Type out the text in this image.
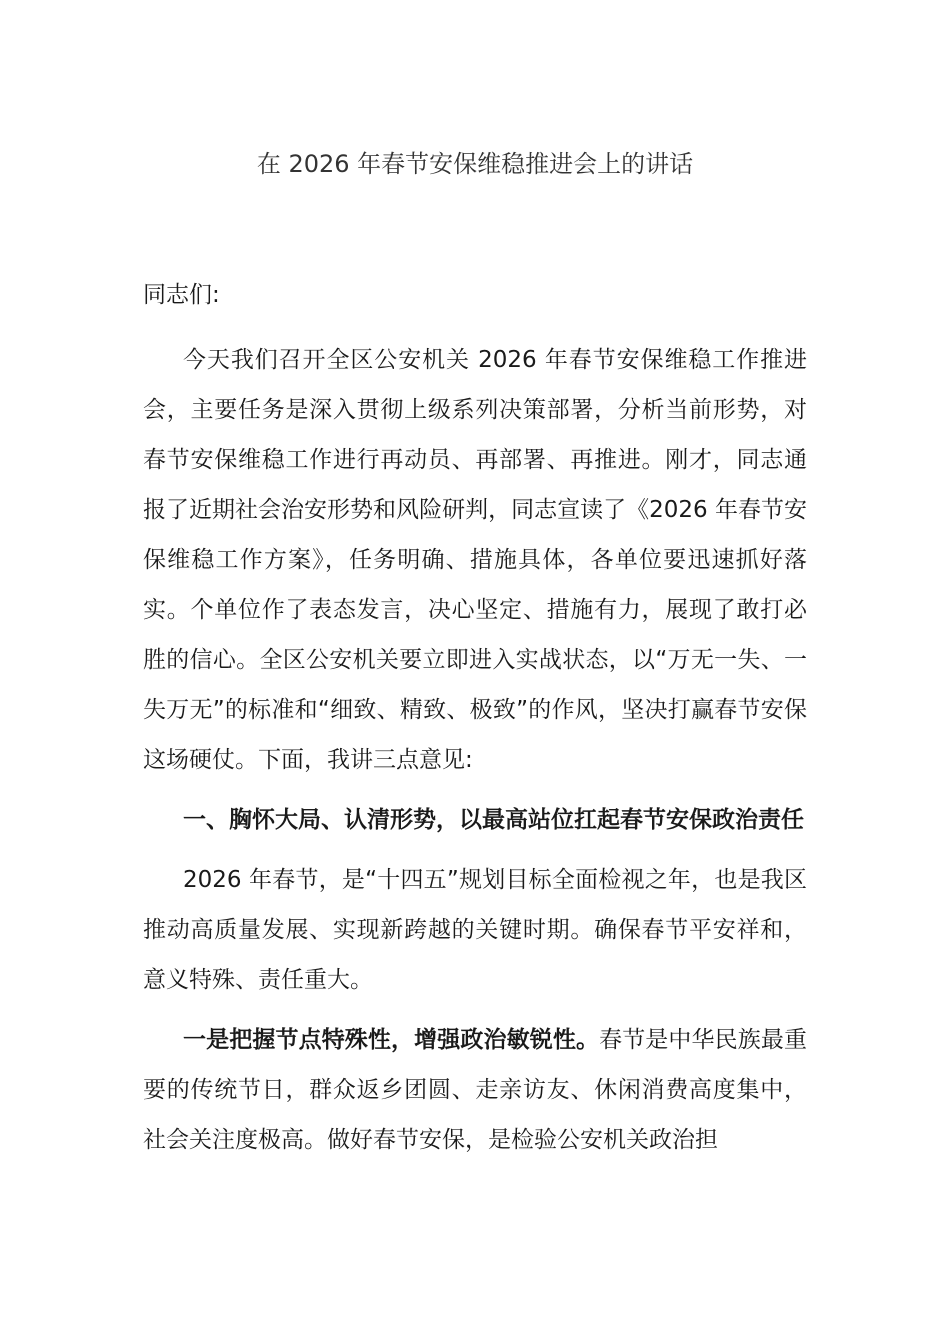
在 2026 年春节安保维稳推进会上的讲话

同志们:

今天我们召开全区公安机关 2026 年春节安保维稳工作推进会，主要任务是深入贯彻上级系列决策部署，分析当前形势，对春节安保维稳工作进行再动员、再部署、再推进。刚才，同志通报了近期社会治安形势和风险研判，同志宣读了《2026 年春节安保维稳工作方案》，任务明确、措施具体，各单位要迅速抓好落实。个单位作了表态发言，决心坚定、措施有力，展现了敢打必胜的信心。全区公安机关要立即进入实战状态，以“万无一失、一失万无”的标准和“细致、精致、极致”的作风，坚决打赢春节安保这场硬仗。下面，我讲三点意见:

一、胸怀大局、认清形势，以最高站位扛起春节安保政治责任

2026 年春节，是“十四五”规划目标全面检视之年，也是我区推动高质量发展、实现新跨越的关键时期。确保春节平安祥和，意义特殊、责任重大。

一是把握节点特殊性，增强政治敏锐性。春节是中华民族最重要的传统节日，群众返乡团圆、走亲访友、休闲消费高度集中，社会关注度极高。做好春节安保，是检验公安机关政治担
